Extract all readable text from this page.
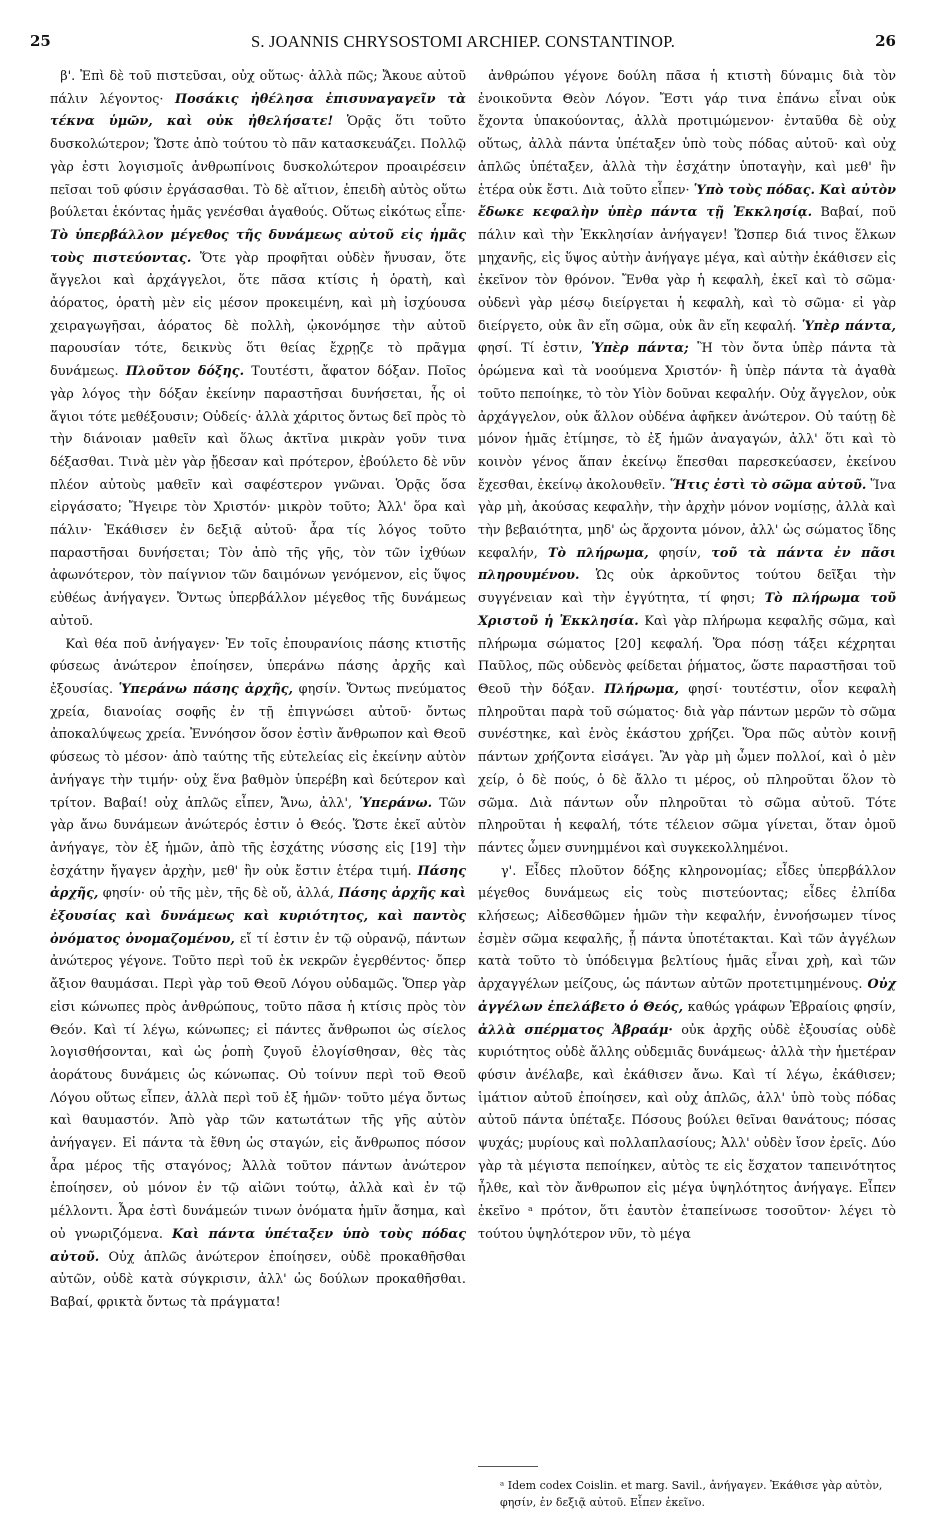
25	S. JOANNIS CHRYSOSTOMI ARCHIEP. CONSTANTINOP.	26

β'. Ἐπὶ δὲ τοῦ πιστεῦσαι, οὐχ οὕτως· ἀλλὰ πῶς; Ἄκουε αὐτοῦ πάλιν λέγοντος· Ποσάκις ἠθέλησα ἐπισυναγαγεῖν τὰ τέκνα ὑμῶν, καὶ οὐκ ἠθελήσατε! Ὁρᾷς ὅτι τοῦτο δυσκολώτερον; Ὥστε ἀπὸ τούτου τὸ πᾶν κατασκευάζει. Πολλῷ γὰρ ἐστι λογισμοῖς ἀνθρωπίνοις δυσκολώτερον προαιρέσειν πεῖσαι τοῦ φύσιν ἐργάσασθαι. Τὸ δὲ αἴτιον, ἐπειδὴ αὐτὸς οὕτω βούλεται ἑκόντας ἡμᾶς γενέσθαι ἀγαθούς. Οὕτως εἰκότως εἶπε· Τὸ ὑπερβάλλον μέγεθος τῆς δυνάμεως αὐτοῦ εἰς ἡμᾶς τοὺς πιστεύοντας. Ὅτε γὰρ προφῆται οὐδὲν ἤνυσαν, ὅτε ἄγγελοι καὶ ἀρχάγγελοι, ὅτε πᾶσα κτίσις ἡ ὁρατὴ, καὶ ἀόρατος, ὁρατὴ μὲν εἰς μέσον προκειμένη, καὶ μὴ ἰσχύουσα χειραγωγῆσαι, ἀόρατος δὲ πολλὴ, ᾠκονόμησε τὴν αὐτοῦ παρουσίαν τότε, δεικνὺς ὅτι θείας ἔχρῃζε τὸ πρᾶγμα δυνάμεως. Πλοῦτον δόξης. Τουτέστι, ἄφατον δόξαν. Ποῖος γὰρ λόγος τὴν δόξαν ἐκείνην παραστῆσαι δυνήσεται, ἧς οἱ ἅγιοι τότε μεθέξουσιν; Οὐδείς· ἀλλὰ χάριτος ὄντως δεῖ πρὸς τὸ τὴν διάνοιαν μαθεῖν καὶ ὅλως ἀκτῖνα μικρὰν γοῦν τινα δέξασθαι. Τινὰ μὲν γὰρ ᾔδεσαν καὶ πρότερον, ἐβούλετο δὲ νῦν πλέον αὐτοὺς μαθεῖν καὶ σαφέστερον γνῶναι. Ὁρᾷς ὅσα εἰργάσατο; Ἤγειρε τὸν Χριστόν· μικρὸν τοῦτο; Ἀλλ' ὅρα καὶ πάλιν· Ἐκάθισεν ἐν δεξιᾷ αὐτοῦ· ἆρα τίς λόγος τοῦτο παραστῆσαι δυνήσεται; Τὸν ἀπὸ τῆς γῆς, τὸν τῶν ἰχθύων ἀφωνότερον, τὸν παίγνιον τῶν δαιμόνων γενόμενον, εἰς ὕψος εὐθέως ἀνήγαγεν. Ὄντως ὑπερβάλλον μέγεθος τῆς δυνάμεως αὐτοῦ.

Καὶ θέα ποῦ ἀνήγαγεν· Ἐν τοῖς ἐπουρανίοις πάσης κτιστῆς φύσεως ἀνώτερον ἐποίησεν, ὑπεράνω πάσης ἀρχῆς καὶ ἐξουσίας. Ὑπεράνω πάσης ἀρχῆς, φησίν. Ὄντως πνεύματος χρεία, διανοίας σοφῆς ἐν τῇ ἐπιγνώσει αὐτοῦ· ὄντως ἀποκαλύψεως χρεία. Ἐννόησον ὅσον ἐστὶν ἄνθρωπον καὶ Θεοῦ φύσεως τὸ μέσον· ἀπὸ ταύτης τῆς εὐτελείας εἰς ἐκείνην αὐτὸν ἀνήγαγε τὴν τιμήν· οὐχ ἕνα βαθμὸν ὑπερέβη καὶ δεύτερον καὶ τρίτον. Βαβαί! οὐχ ἁπλῶς εἶπεν, Ἄνω, ἀλλ', Ὑπεράνω. Τῶν γὰρ ἄνω δυνάμεων ἀνώτερός ἐστιν ὁ Θεός. Ὥστε ἐκεῖ αὐτὸν ἀνήγαγε, τὸν ἐξ ἡμῶν, ἀπὸ τῆς ἐσχάτης νύσσης εἰς [19] τὴν ἐσχάτην ἤγαγεν ἀρχὴν, μεθ' ἣν οὐκ ἔστιν ἑτέρα τιμή. Πάσης ἀρχῆς, φησίν· οὐ τῆς μὲν, τῆς δὲ οὔ, ἀλλά, Πάσης ἀρχῆς καὶ ἐξουσίας καὶ δυνάμεως καὶ κυριότητος, καὶ παντὸς ὀνόματος ὀνομαζομένου, εἴ τί ἐστιν ἐν τῷ οὐρανῷ, πάντων ἀνώτερος γέγονε. Τοῦτο περὶ τοῦ ἐκ νεκρῶν ἐγερθέντος· ὄπερ ἄξιον θαυμάσαι. Περὶ γὰρ τοῦ Θεοῦ Λόγου οὐδαμῶς. Ὅπερ γὰρ εἰσι κώνωπες πρὸς ἀνθρώπους, τοῦτο πᾶσα ἡ κτίσις πρὸς τὸν Θεόν. Καὶ τί λέγω, κώνωπες; εἰ πάντες ἄνθρωποι ὡς σίελος λογισθήσονται, καὶ ὡς ῥοπὴ ζυγοῦ ἐλογίσθησαν, θὲς τὰς ἀοράτους δυνάμεις ὡς κώνωπας. Οὐ τοίνυν περὶ τοῦ Θεοῦ Λόγου οὕτως εἶπεν, ἀλλὰ περὶ τοῦ ἐξ ἡμῶν· τοῦτο μέγα ὄντως καὶ θαυμαστόν. Ἀπὸ γὰρ τῶν κατωτάτων τῆς γῆς αὐτὸν ἀνήγαγεν. Εἰ πάντα τὰ ἔθνη ὡς σταγών, εἰς ἄνθρωπος πόσον ἆρα μέρος τῆς σταγόνος; Ἀλλὰ τοῦτον πάντων ἀνώτερον ἐποίησεν, οὐ μόνον ἐν τῷ αἰῶνι τούτῳ, ἀλλὰ καὶ ἐν τῷ μέλλοντι. Ἆρα ἐστὶ δυνάμεών τινων ὀνόματα ἡμῖν ἄσημα, καὶ οὐ γνωριζόμενα. Καὶ πάντα ὑπέταξεν ὑπὸ τοὺς πόδας αὐτοῦ. Οὐχ ἁπλῶς ἀνώτερον ἐποίησεν, οὐδὲ προκαθῆσθαι αὐτῶν, οὐδὲ κατὰ σύγκρισιν, ἀλλ' ὡς δούλων προκαθῆσθαι. Βαβαί, φρικτὰ ὄντως τὰ πράγματα!

ἀνθρώπου γέγονε δούλη πᾶσα ἡ κτιστὴ δύναμις διὰ τὸν ἐνοικοῦντα Θεὸν Λόγον. Ἔστι γάρ τινα ἐπάνω εἶναι οὐκ ἔχοντα ὑπακούοντας, ἀλλὰ προτιμώμενον· ἐνταῦθα δὲ οὐχ οὕτως, ἀλλὰ πάντα ὑπέταξεν ὑπὸ τοὺς πόδας αὐτοῦ· καὶ οὐχ ἁπλῶς ὑπέταξεν, ἀλλὰ τὴν ἐσχάτην ὑποταγὴν, καὶ μεθ' ἣν ἑτέρα οὐκ ἔστι. Διὰ τοῦτο εἶπεν· Ὑπὸ τοὺς πόδας. Καὶ αὐτὸν ἔδωκε κεφαλὴν ὑπὲρ πάντα τῇ Ἐκκλησίᾳ. Βαβαί, ποῦ πάλιν καὶ τὴν Ἐκκλησίαν ἀνήγαγεν! Ὥσπερ διά τινος ἕλκων μηχανῆς, εἰς ὕψος αὐτὴν ἀνήγαγε μέγα, καὶ αὐτὴν ἐκάθισεν εἰς ἐκεῖνον τὸν θρόνον. Ἔνθα γὰρ ἡ κεφαλὴ, ἐκεῖ καὶ τὸ σῶμα· οὐδενὶ γὰρ μέσῳ διείργεται ἡ κεφαλὴ, καὶ τὸ σῶμα· εἰ γὰρ διείργετο, οὐκ ἂν εἴη σῶμα, οὐκ ἂν εἴη κεφαλή. Ὑπὲρ πάντα, φησί. Τί ἐστιν, Ὑπὲρ πάντα; Ἢ τὸν ὄντα ὑπὲρ πάντα τὰ ὁρώμενα καὶ τὰ νοούμενα Χριστόν· ἢ ὑπὲρ πάντα τὰ ἀγαθὰ τοῦτο πεποίηκε, τὸ τὸν Υἱὸν δοῦναι κεφαλήν. Οὐχ ἄγγελον, οὐκ ἀρχάγγελον, οὐκ ἄλλον οὐδένα ἀφῆκεν ἀνώτερον. Οὐ ταύτῃ δὲ μόνον ἡμᾶς ἐτίμησε, τὸ ἐξ ἡμῶν ἀναγαγών, ἀλλ' ὅτι καὶ τὸ κοινὸν γένος ἅπαν ἐκείνῳ ἕπεσθαι παρεσκεύασεν, ἐκείνου ἔχεσθαι, ἐκείνῳ ἀκολουθεῖν. Ἥτις ἐστὶ τὸ σῶμα αὐτοῦ. Ἵνα γὰρ μὴ, ἀκούσας κεφαλὴν, τὴν ἀρχὴν μόνον νομίσῃς, ἀλλὰ καὶ τὴν βεβαιότητα, μηδ' ὡς ἄρχοντα μόνον, ἀλλ' ὡς σώματος ἴδης κεφαλήν, Τὸ πλήρωμα, φησίν, τοῦ τὰ πάντα ἐν πᾶσι πληρουμένου. Ὡς οὐκ ἀρκοῦντος τούτου δεῖξαι τὴν συγγένειαν καὶ τὴν ἐγγύτητα, τί φησι; Τὸ πλήρωμα τοῦ Χριστοῦ ἡ Ἐκκλησία. Καὶ γὰρ πλήρωμα κεφαλῆς σῶμα, καὶ πλήρωμα σώματος [20] κεφαλή. Ὅρα πόσῃ τάξει κέχρηται Παῦλος, πῶς οὐδενὸς φείδεται ῥήματος, ὥστε παραστῆσαι τοῦ Θεοῦ τὴν δόξαν. Πλήρωμα, φησί· τουτέστιν, οἷον κεφαλὴ πληροῦται παρὰ τοῦ σώματος· διὰ γὰρ πάντων μερῶν τὸ σῶμα συνέστηκε, καὶ ἑνὸς ἑκάστου χρήζει. Ὅρα πῶς αὐτὸν κοινῇ πάντων χρήζοντα εἰσάγει. Ἂν γὰρ μὴ ὦμεν πολλοί, καὶ ὁ μὲν χείρ, ὁ δὲ πούς, ὁ δὲ ἄλλο τι μέρος, οὐ πληροῦται ὅλον τὸ σῶμα. Διὰ πάντων οὖν πληροῦται τὸ σῶμα αὐτοῦ. Τότε πληροῦται ἡ κεφαλή, τότε τέλειον σῶμα γίνεται, ὅταν ὁμοῦ πάντες ὦμεν συνημμένοι καὶ συγκεκολλημένοι.

γ'. Εἶδες πλοῦτον δόξης κληρονομίας; εἶδες ὑπερβάλλον μέγεθος δυνάμεως εἰς τοὺς πιστεύοντας; εἶδες ἐλπίδα κλήσεως; Αἰδεσθῶμεν ἡμῶν τὴν κεφαλήν, ἐννοήσωμεν τίνος ἐσμὲν σῶμα κεφαλῆς, ᾗ πάντα ὑποτέτακται. Καὶ τῶν ἀγγέλων κατὰ τοῦτο τὸ ὑπόδειγμα βελτίους ἡμᾶς εἶναι χρὴ, καὶ τῶν ἀρχαγγέλων μείζους, ὡς πάντων αὐτῶν προτετιμημένους. Οὐχ ἀγγέλων ἐπελάβετο ὁ Θεός, καθώς γράφων Ἑβραίοις φησίν, ἀλλὰ σπέρματος Ἀβραάμ· οὐκ ἀρχῆς οὐδὲ ἐξουσίας οὐδὲ κυριότητος οὐδὲ ἄλλης οὐδεμιᾶς δυνάμεως· ἀλλὰ τὴν ἡμετέραν φύσιν ἀνέλαβε, καὶ ἐκάθισεν ἄνω. Καὶ τί λέγω, ἐκάθισεν; ἱμάτιον αὐτοῦ ἐποίησεν, καὶ οὐχ ἁπλῶς, ἀλλ' ὑπὸ τοὺς πόδας αὐτοῦ πάντα ὑπέταξε. Πόσους βούλει θεῖναι θανάτους; πόσας ψυχάς; μυρίους καὶ πολλαπλασίους; Ἀλλ' οὐδὲν ἴσον ἐρεῖς. Δύο γὰρ τὰ μέγιστα πεποίηκεν, αὐτὸς τε εἰς ἔσχατον ταπεινότητος ἦλθε, καὶ τὸν ἄνθρωπον εἰς μέγα ὑψηλότητος ἀνήγαγε. Εἶπεν ἐκεῖνο ᵃ πρότον, ὅτι ἑαυτὸν ἐταπείνωσε τοσοῦτον· λέγει τὸ τούτου ὑψηλότερον νῦν, τὸ μέγα

ᵃ Idem codex Coislin. et marg. Savil., ἀνήγαγεν. Ἐκάθισε γὰρ αὐτὸν, φησίν, ἐν δεξιᾷ αὐτοῦ. Εἶπεν ἐκεῖνο.
